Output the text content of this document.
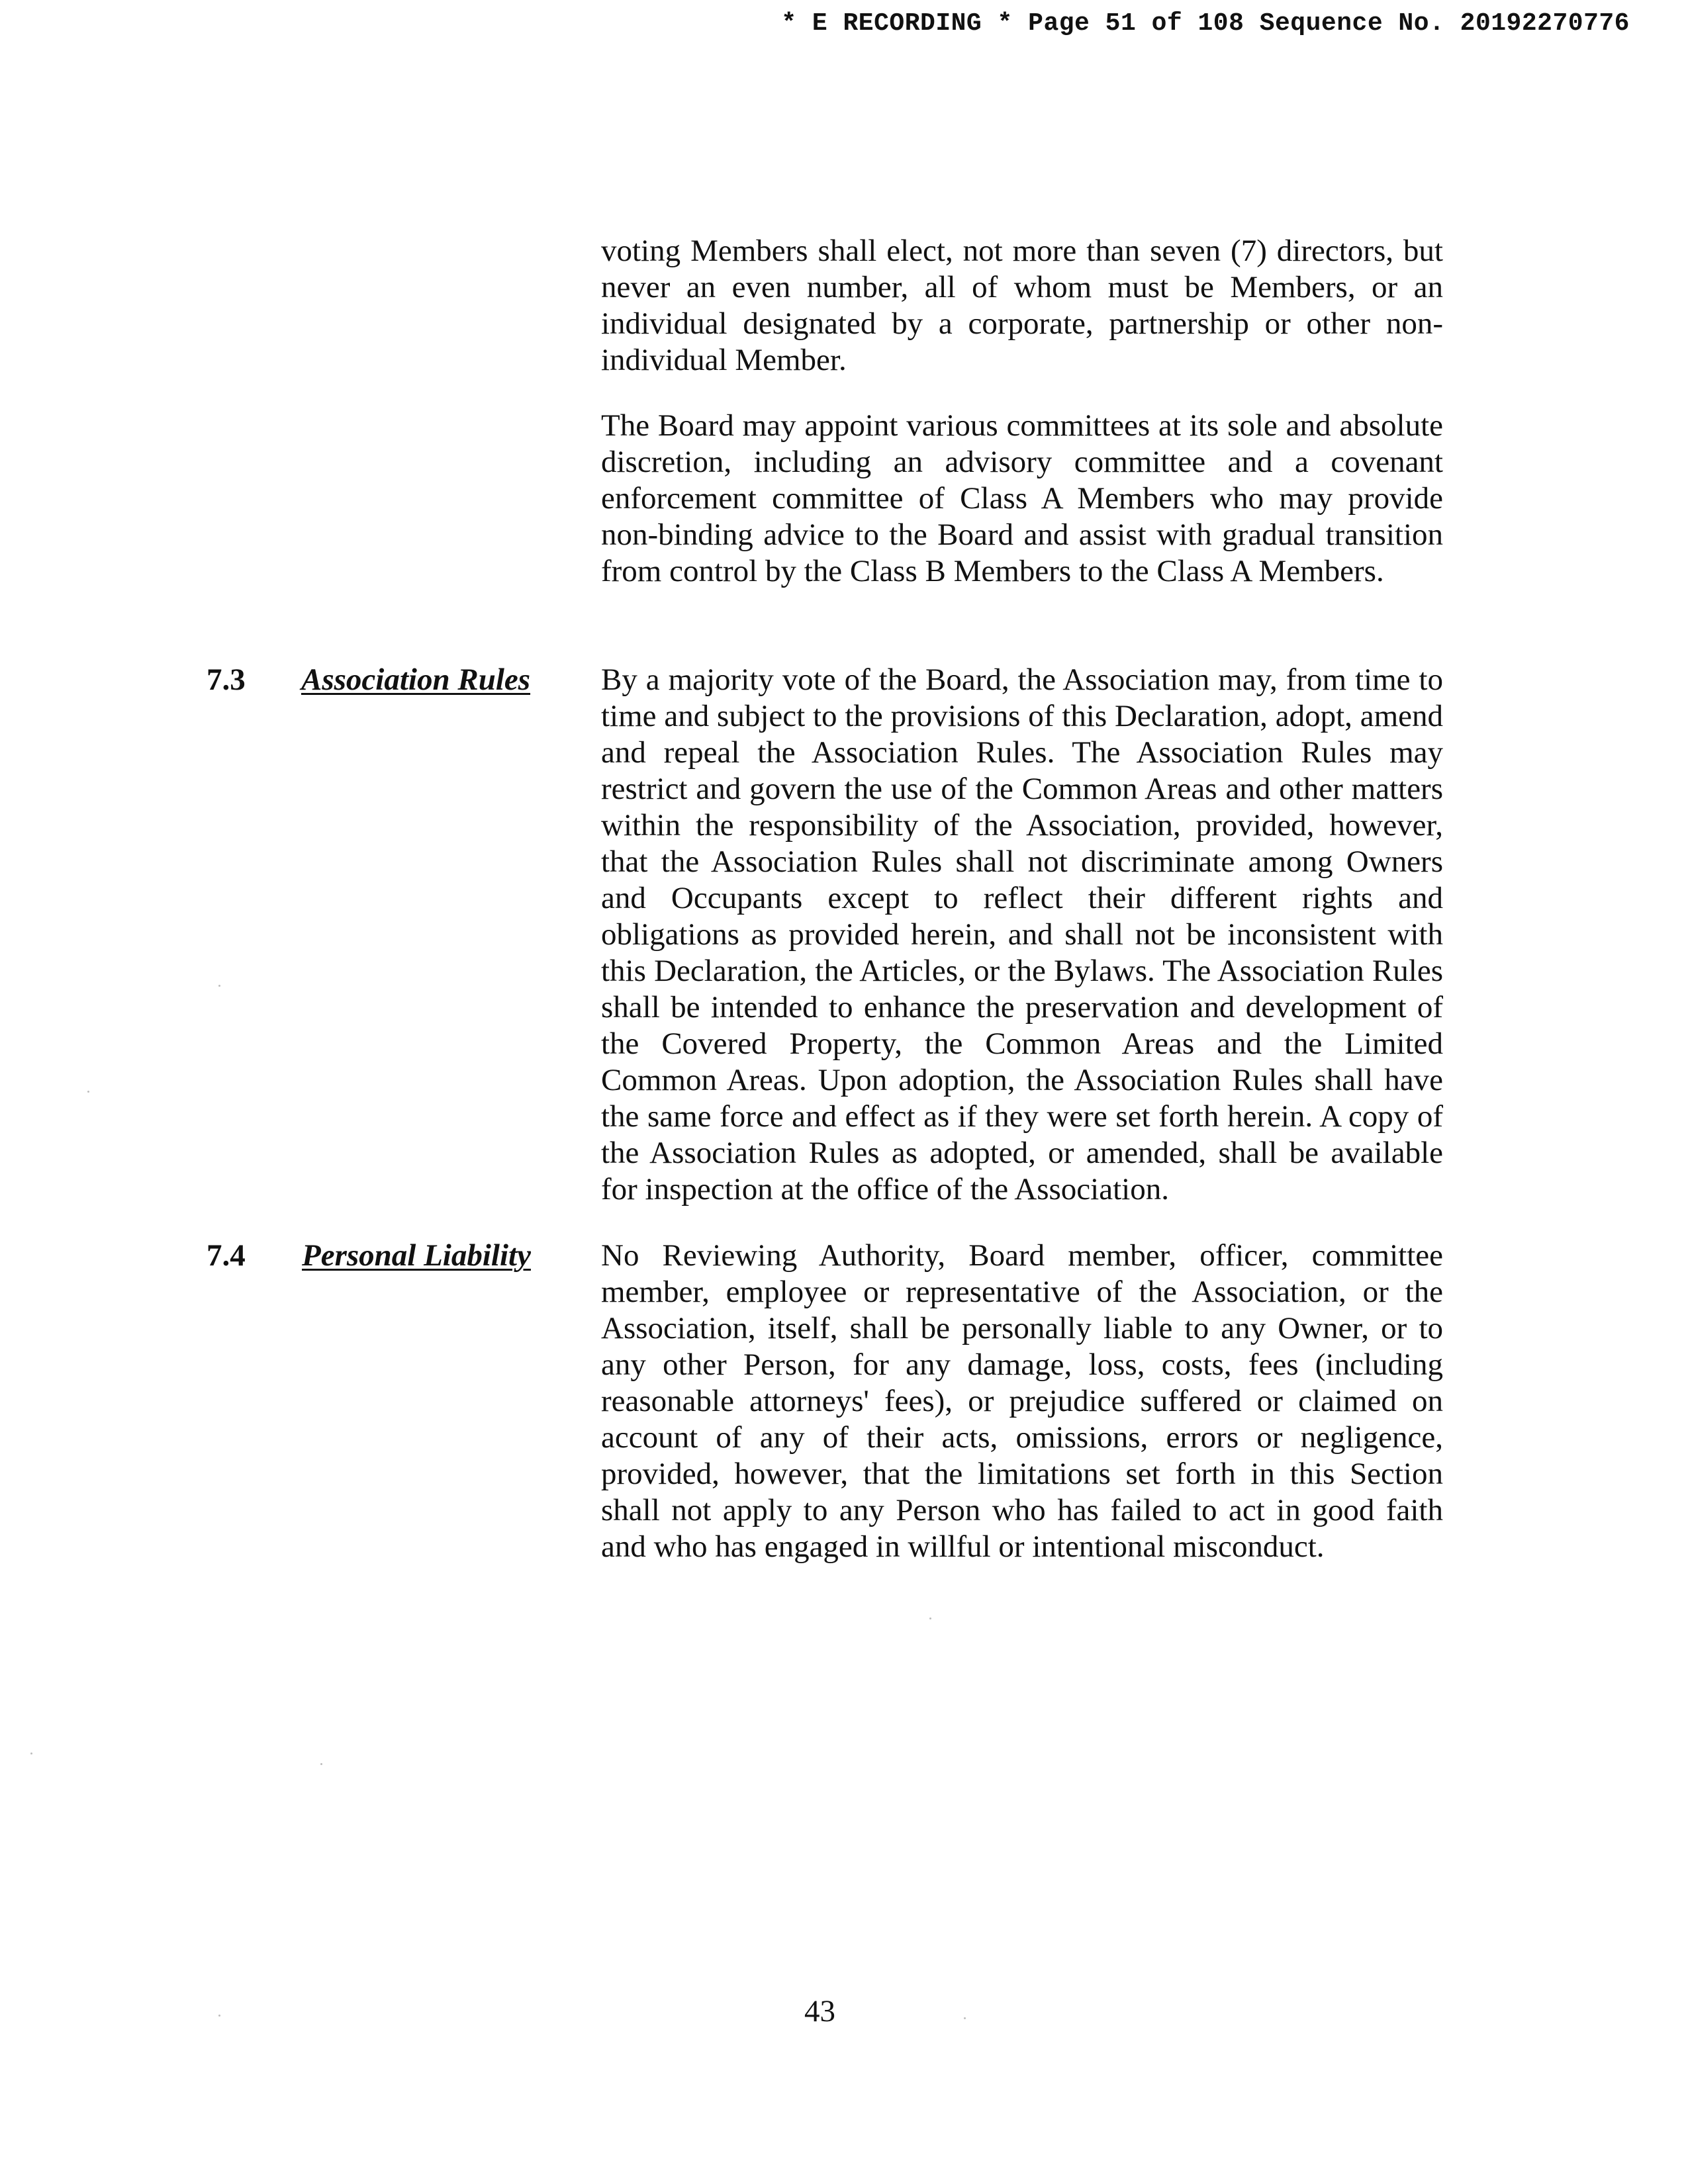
* E RECORDING * Page 51 of 108 Sequence No. 20192270776
voting Members shall elect, not more than seven (7) directors, but never an even number, all of whom must be Members, or an individual designated by a corporate, partnership or other non-individual Member.
The Board may appoint various committees at its sole and absolute discretion, including an advisory committee and a covenant enforcement committee of Class A Members who may provide non-binding advice to the Board and assist with gradual transition from control by the Class B Members to the Class A Members.
7.3 Association Rules By a majority vote of the Board, the Association may, from time to time and subject to the provisions of this Declaration, adopt, amend and repeal the Association Rules. The Association Rules may restrict and govern the use of the Common Areas and other matters within the responsibility of the Association, provided, however, that the Association Rules shall not discriminate among Owners and Occupants except to reflect their different rights and obligations as provided herein, and shall not be inconsistent with this Declaration, the Articles, or the Bylaws. The Association Rules shall be intended to enhance the preservation and development of the Covered Property, the Common Areas and the Limited Common Areas. Upon adoption, the Association Rules shall have the same force and effect as if they were set forth herein. A copy of the Association Rules as adopted, or amended, shall be available for inspection at the office of the Association.
7.4 Personal Liability No Reviewing Authority, Board member, officer, committee member, employee or representative of the Association, or the Association, itself, shall be personally liable to any Owner, or to any other Person, for any damage, loss, costs, fees (including reasonable attorneys' fees), or prejudice suffered or claimed on account of any of their acts, omissions, errors or negligence, provided, however, that the limitations set forth in this Section shall not apply to any Person who has failed to act in good faith and who has engaged in willful or intentional misconduct.
43
